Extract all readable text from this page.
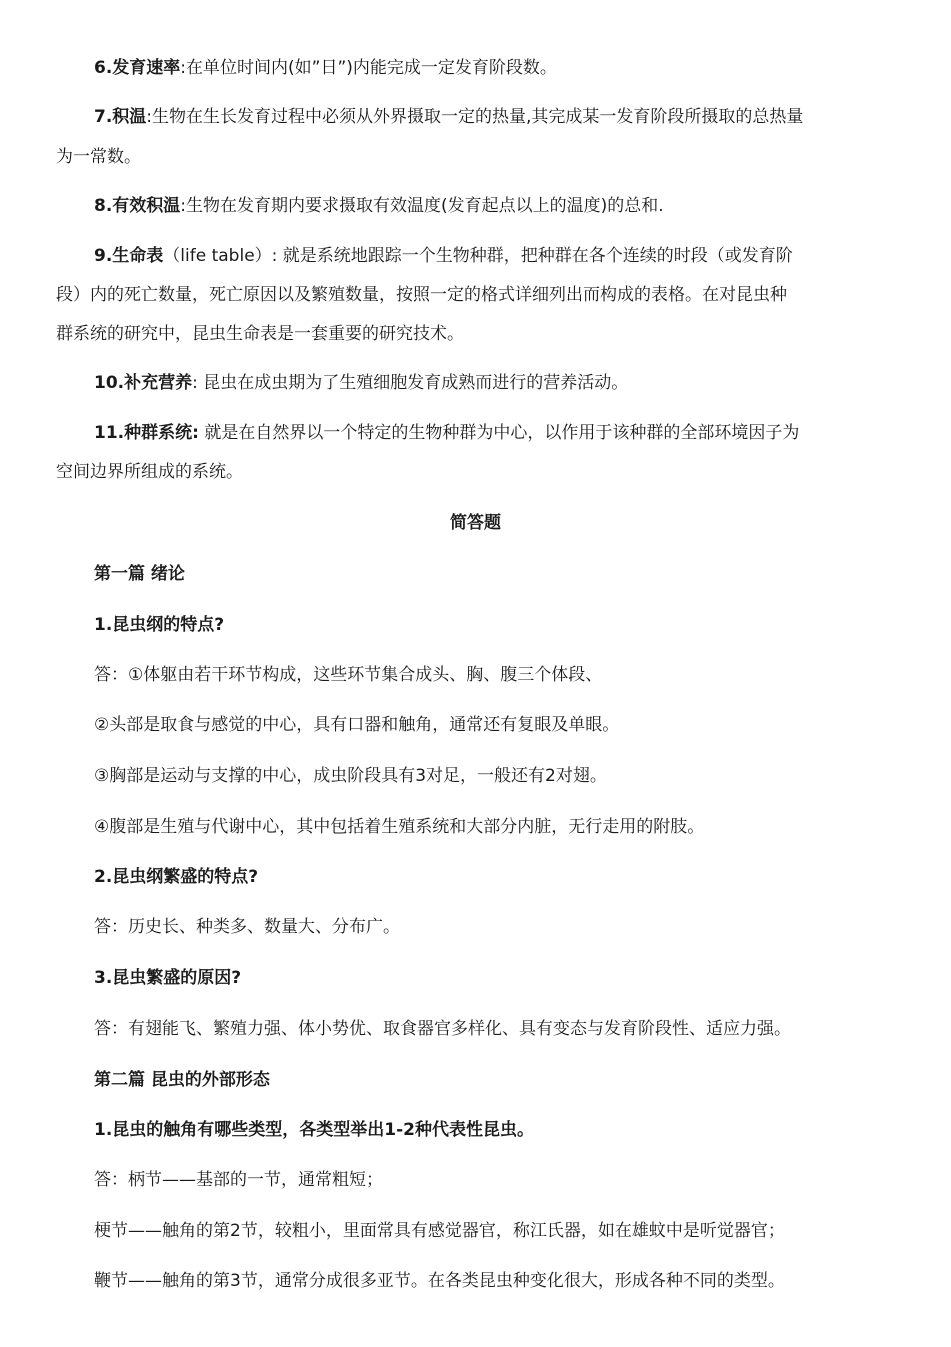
6.发育速率:在单位时间内(如”日”)内能完成一定发育阶段数。
7.积温:生物在生长发育过程中必须从外界摄取一定的热量,其完成某一发育阶段所摄取的总热量
为一常数。
8.有效积温:生物在发育期内要求摄取有效温度(发育起点以上的温度)的总和.
9.生命表（life table）: 就是系统地跟踪一个生物种群，把种群在各个连续的时段（或发育阶
段）内的死亡数量，死亡原因以及繁殖数量，按照一定的格式详细列出而构成的表格。在对昆虫种
群系统的研究中，昆虫生命表是一套重要的研究技术。
10.补充营养: 昆虫在成虫期为了生殖细胞发育成熟而进行的营养活动。
11.种群系统: 就是在自然界以一个特定的生物种群为中心，以作用于该种群的全部环境因子为
空间边界所组成的系统。
简答题
第一篇 绪论
1.昆虫纲的特点?
答：①体躯由若干环节构成，这些环节集合成头、胸、腹三个体段、
②头部是取食与感觉的中心，具有口器和触角，通常还有复眼及单眼。
③胸部是运动与支撑的中心，成虫阶段具有3对足，一般还有2对翅。
④腹部是生殖与代谢中心，其中包括着生殖系统和大部分内脏，无行走用的附肢。
2.昆虫纲繁盛的特点?
答：历史长、种类多、数量大、分布广。
3.昆虫繁盛的原因?
答：有翅能飞、繁殖力强、体小势优、取食器官多样化、具有变态与发育阶段性、适应力强。
第二篇 昆虫的外部形态
1.昆虫的触角有哪些类型，各类型举出1-2种代表性昆虫。
答：柄节——基部的一节，通常粗短；
梗节——触角的第2节，较粗小，里面常具有感觉器官，称江氏器，如在雄蚊中是听觉器官；
鞭节——触角的第3节，通常分成很多亚节。在各类昆虫种变化很大，形成各种不同的类型。
